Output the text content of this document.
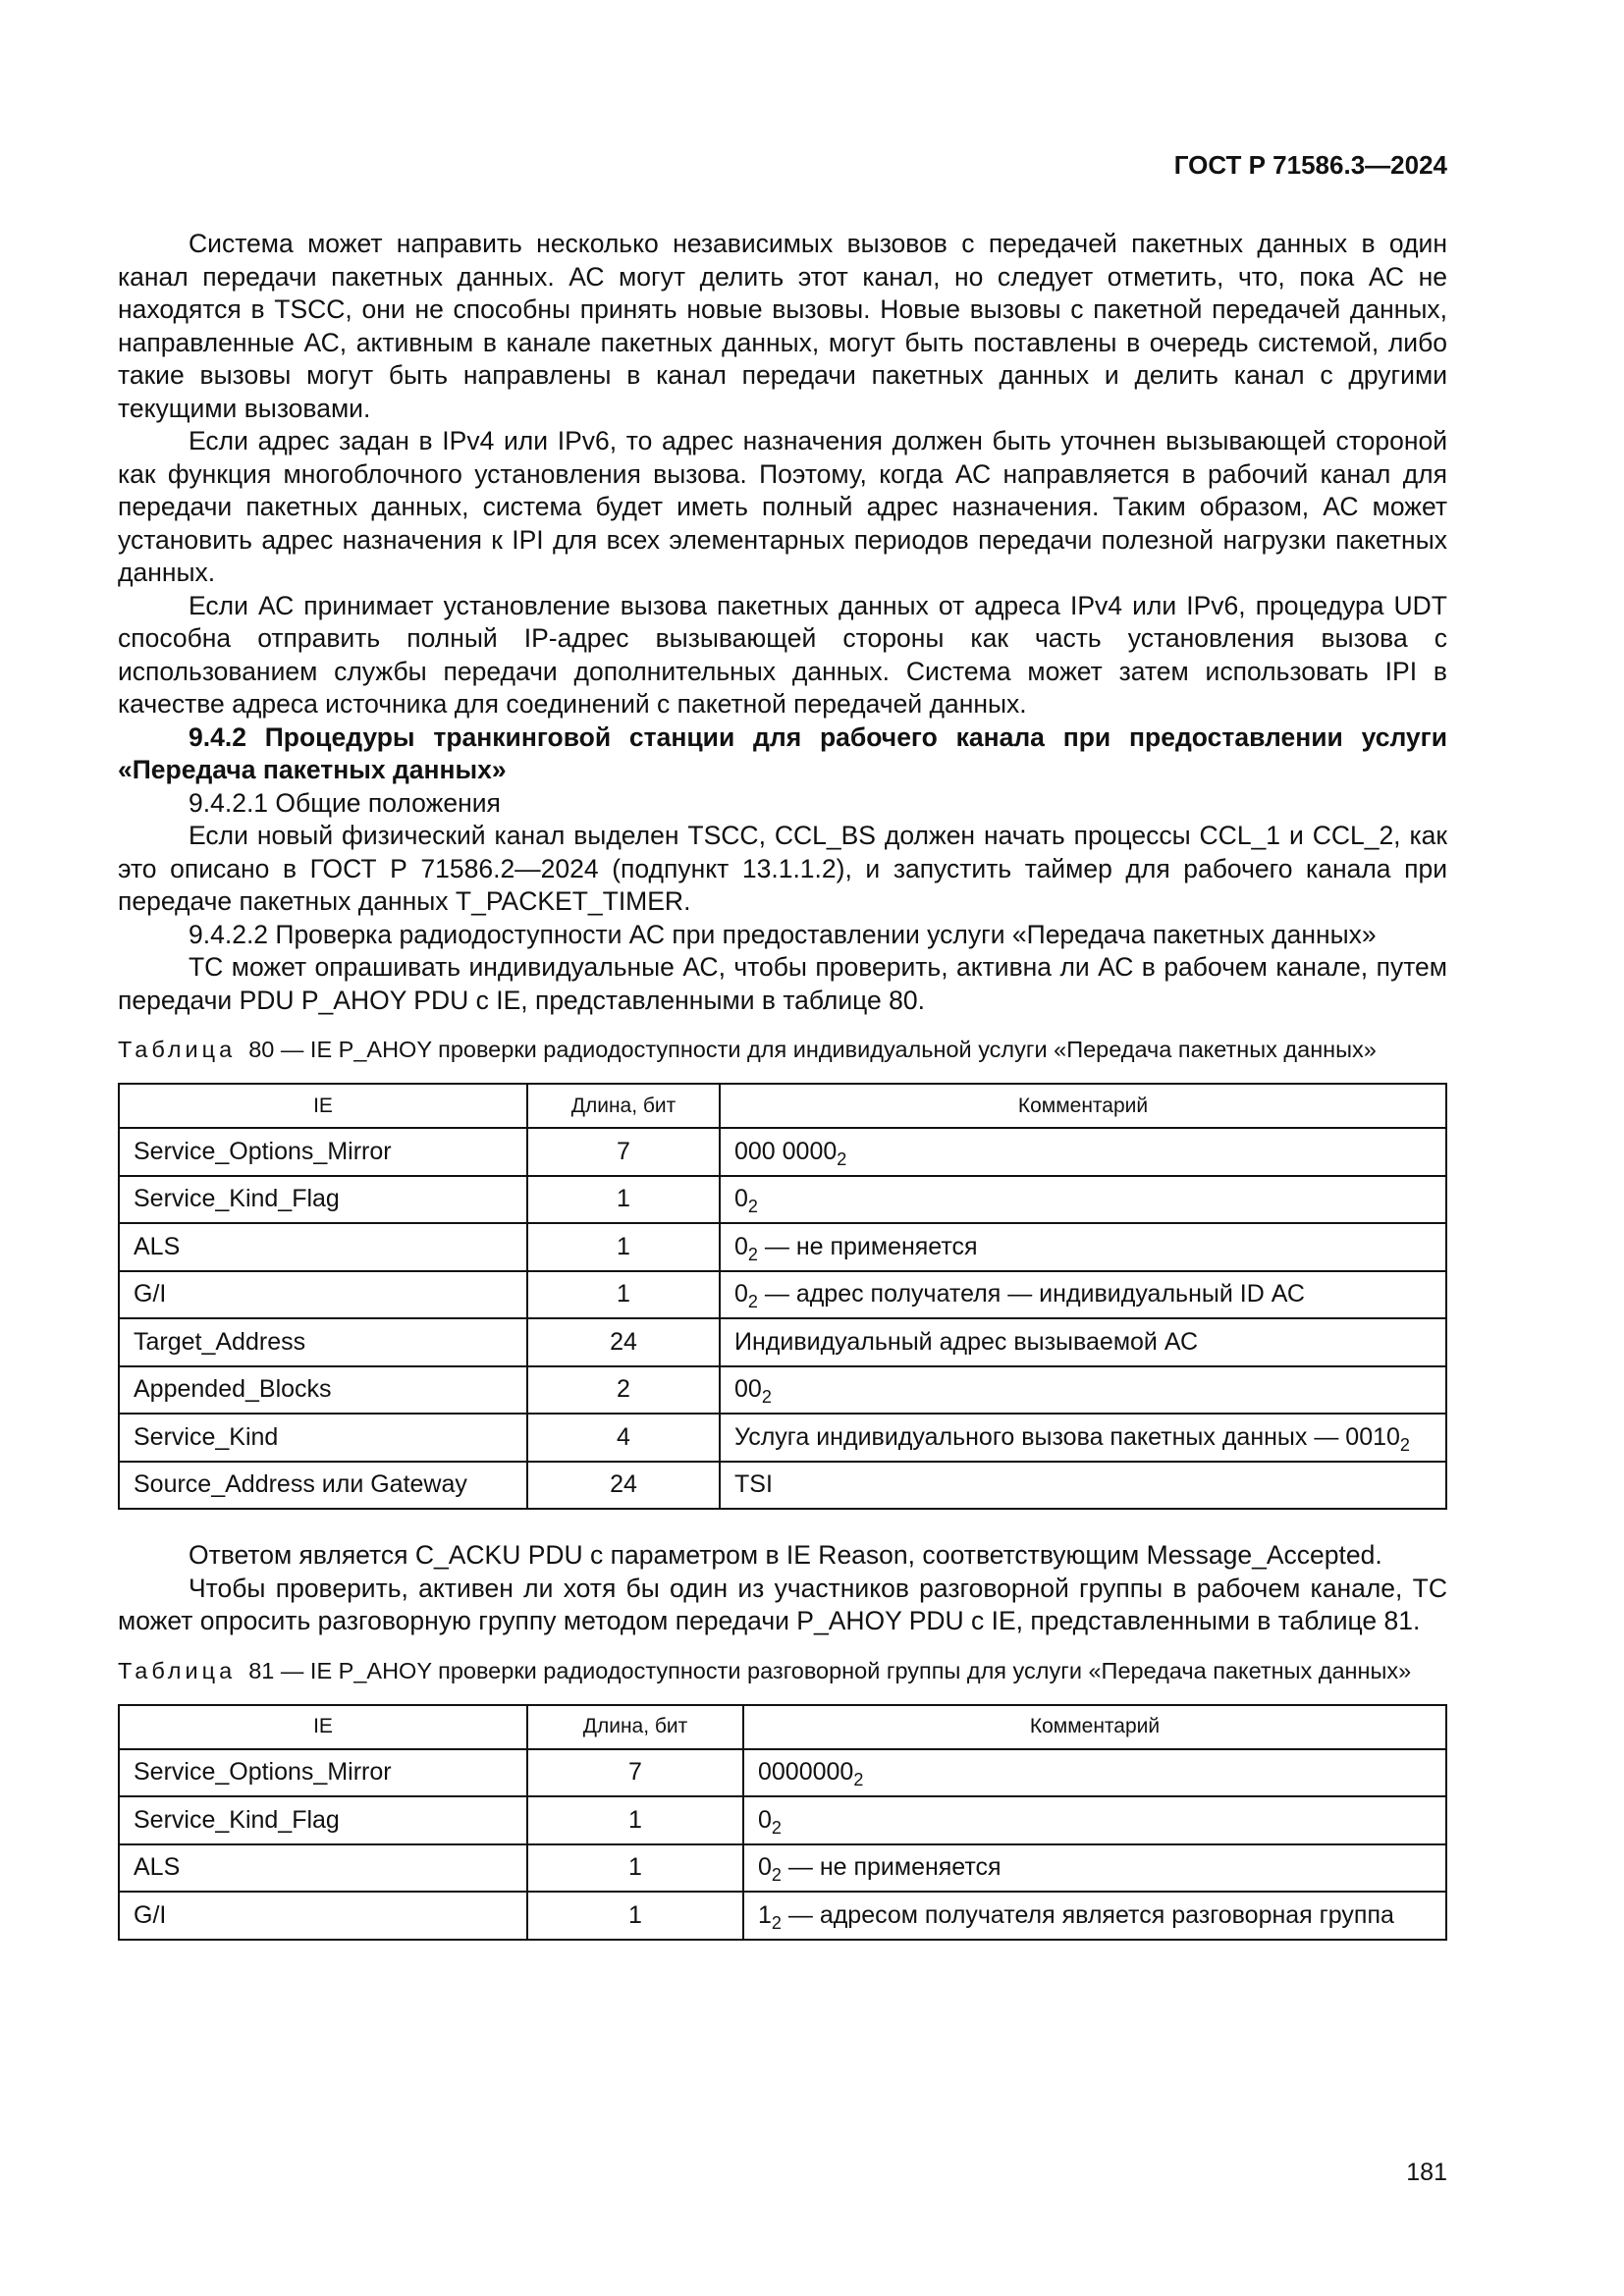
ГОСТ Р 71586.3—2024

Система может направить несколько независимых вызовов с передачей пакетных данных в один канал передачи пакетных данных. АС могут делить этот канал, но следует отметить, что, пока АС не находятся в TSCC, они не способны принять новые вызовы. Новые вызовы с пакетной передачей данных, направленные АС, активным в канале пакетных данных, могут быть поставлены в очередь системой, либо такие вызовы могут быть направлены в канал передачи пакетных данных и делить канал с другими текущими вызовами.

Если адрес задан в IPv4 или IPv6, то адрес назначения должен быть уточнен вызывающей стороной как функция многоблочного установления вызова. Поэтому, когда АС направляется в рабочий канал для передачи пакетных данных, система будет иметь полный адрес назначения. Таким образом, АС может установить адрес назначения к IPI для всех элементарных периодов передачи полезной нагрузки пакетных данных.

Если АС принимает установление вызова пакетных данных от адреса IPv4 или IPv6, процедура UDT способна отправить полный IP-адрес вызывающей стороны как часть установления вызова с использованием службы передачи дополнительных данных. Система может затем использовать IPI в качестве адреса источника для соединений с пакетной передачей данных.

9.4.2 Процедуры транкинговой станции для рабочего канала при предоставлении услуги «Передача пакетных данных»

9.4.2.1 Общие положения

Если новый физический канал выделен TSCC, CCL_BS должен начать процессы CCL_1 и CCL_2, как это описано в ГОСТ Р 71586.2—2024 (подпункт 13.1.1.2), и запустить таймер для рабочего канала при передаче пакетных данных T_PACKET_TIMER.

9.4.2.2 Проверка радиодоступности АС при предоставлении услуги «Передача пакетных данных»

ТС может опрашивать индивидуальные АС, чтобы проверить, активна ли АС в рабочем канале, путем передачи PDU P_AHOY PDU с IE, представленными в таблице 80.

Таблица 80 — IE P_AHOY проверки радиодоступности для индивидуальной услуги «Передача пакетных данных»
IE	Длина, бит	Комментарий
Service_Options_Mirror	7	000 $0000_2$
Service_Kind_Flag	1	$0_2$
ALS	1	$0_2$ — не применяется
G/I	1	$0_2$ — адрес получателя — индивидуальный ID АС
Target_Address	24	Индивидуальный адрес вызываемой АС
Appended_Blocks	2	$00_2$
Service_Kind	4	Услуга индивидуального вызова пакетных данных — $0010_2$
Source_Address или Gateway	24	TSI

Ответом является C_ACKU PDU с параметром в IE Reason, соответствующим Message_Accepted.

Чтобы проверить, активен ли хотя бы один из участников разговорной группы в рабочем канале, ТС может опросить разговорную группу методом передачи P_AHOY PDU с IE, представленными в таблице 81.

Таблица 81 — IE P_AHOY проверки радиодоступности разговорной группы для услуги «Передача пакетных данных»
IE	Длина, бит	Комментарий
Service_Options_Mirror	7	$0000000_2$
Service_Kind_Flag	1	$0_2$
ALS	1	$0_2$ — не применяется
G/I	1	$1_2$ — адресом получателя является разговорная группа
181
